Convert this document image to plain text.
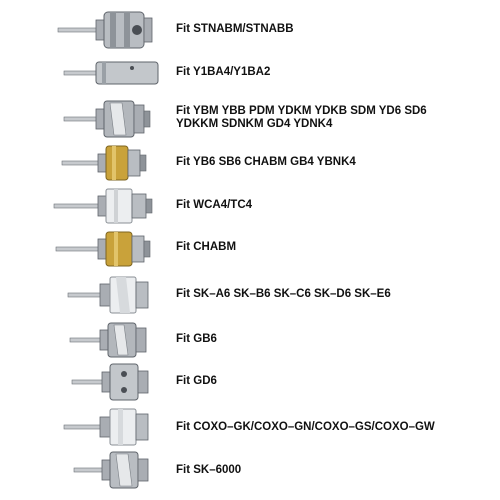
Fit STNABM/STNABB
Fit Y1BA4/Y1BA2
Fit YBM YBB PDM YDKM YDKB SDM YD6 SD6
YDKKM SDNKM GD4 YDNK4
Fit YB6 SB6 CHABM GB4 YBNK4
Fit WCA4/TC4
Fit CHABM
Fit SK–A6 SK–B6 SK–C6 SK–D6 SK–E6
Fit GB6
Fit GD6
Fit COXO–GK/COXO–GN/COXO–GS/COXO–GW
Fit SK–6000
